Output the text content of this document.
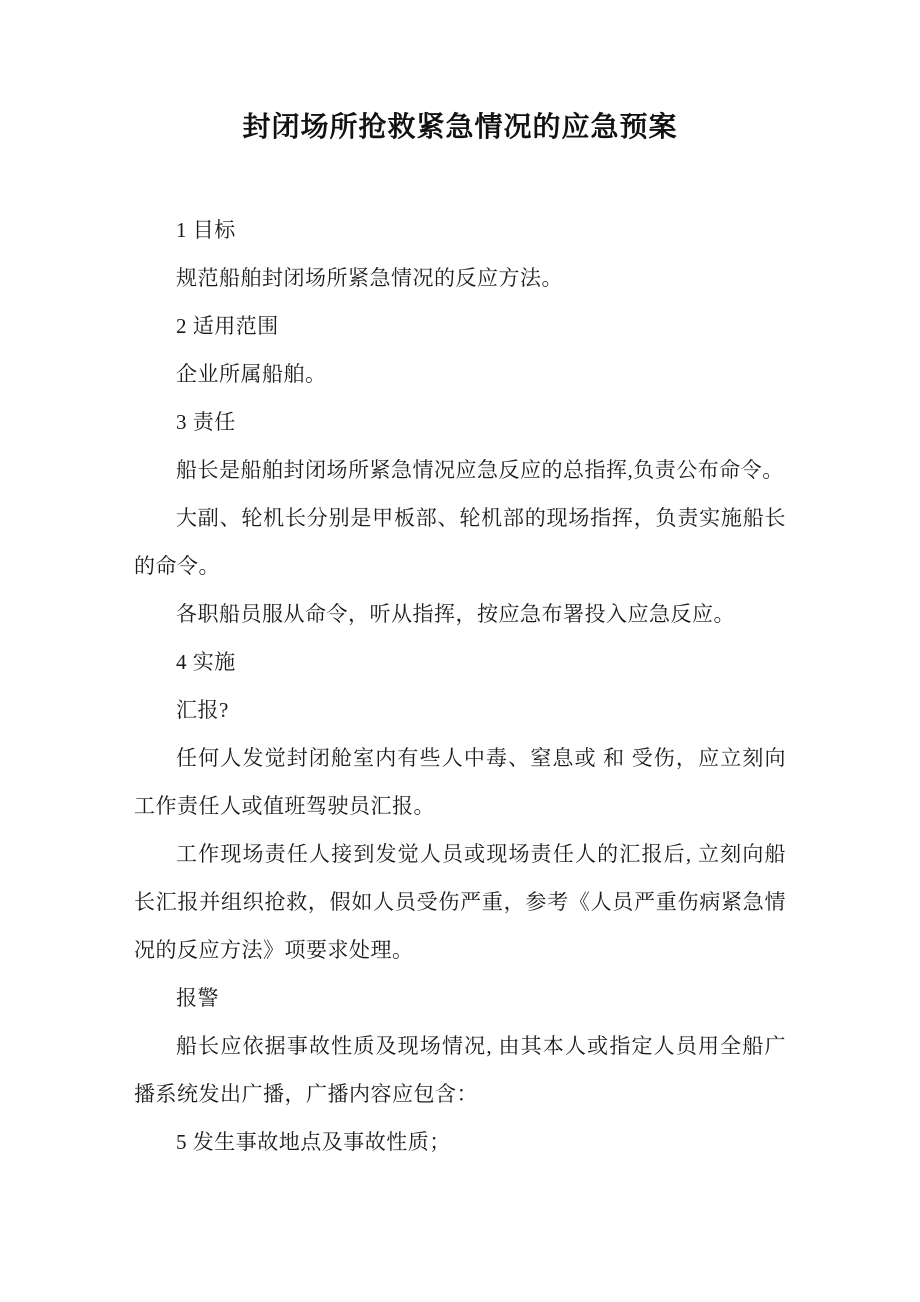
封闭场所抢救紧急情况的应急预案

1 目标

规范船舶封闭场所紧急情况的反应方法。

2 适用范围

企业所属船舶。

3 责任

船长是船舶封闭场所紧急情况应急反应的总指挥,负责公布命令。

大副、轮机长分别是甲板部、轮机部的现场指挥，负责实施船长的命令。

各职船员服从命令，听从指挥，按应急布署投入应急反应。

4 实施

汇报?

任何人发觉封闭舱室内有些人中毒、窒息或 和 受伤，应立刻向工作责任人或值班驾驶员汇报。

工作现场责任人接到发觉人员或现场责任人的汇报后, 立刻向船长汇报并组织抢救，假如人员受伤严重，参考《人员严重伤病紧急情况的反应方法》项要求处理。

报警

船长应依据事故性质及现场情况, 由其本人或指定人员用全船广播系统发出广播，广播内容应包含：

5 发生事故地点及事故性质；
